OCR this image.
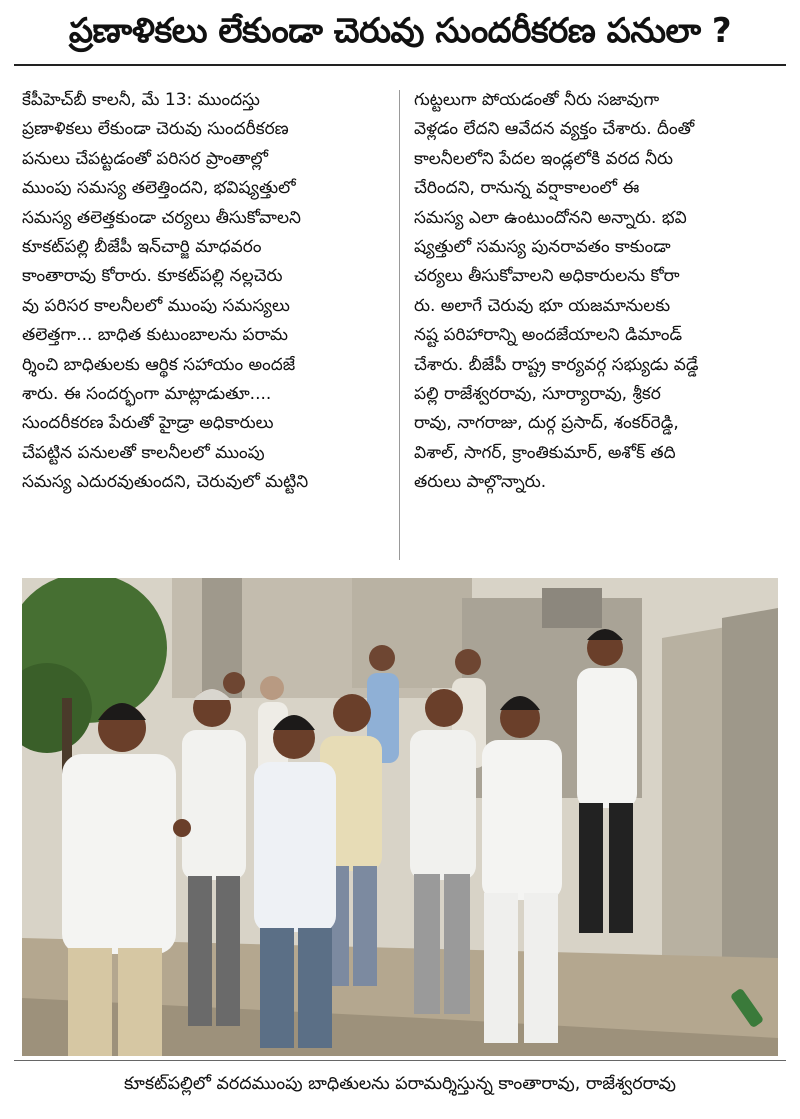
ప్రణాళికలు లేకుండా చెరువు సుందరీకరణ పనులా ?
కేపీహెచ్‌బీ కాలనీ, మే 13: ముందస్తు
ప్రణాళికలు లేకుండా చెరువు సుందరీకరణ
పనులు చేపట్టడంతో పరిసర ప్రాంతాల్లో
ముంపు సమస్య తలెత్తిందని, భవిష్యత్తులో
సమస్య తలెత్తకుండా చర్యలు తీసుకోవాలని
కూకట్‌పల్లి బీజేపీ ఇన్‌చార్జి మాధవరం
కాంతారావు కోరారు. కూకట్‌పల్లి నల్లచెరు
వు పరిసర కాలనీలలో ముంపు సమస్యలు
తలెత్తగా... బాధిత కుటుంబాలను పరామ
ర్శించి బాధితులకు ఆర్థిక సహాయం అందజే
శారు. ఈ సందర్భంగా మాట్లాడుతూ....
సుందరీకరణ పేరుతో హైడ్రా అధికారులు
చేపట్టిన పనులతో కాలనీలలో ముంపు
సమస్య ఎదురవుతుందని, చెరువులో మట్టిని
గుట్టలుగా పోయడంతో నీరు సజావుగా
వెళ్లడం లేదని ఆవేదన వ్యక్తం చేశారు. దీంతో
కాలనీలలోని పేదల ఇండ్లలోకి వరద నీరు
చేరిందని, రానున్న వర్షాకాలంలో ఈ
సమస్య ఎలా ఉంటుందోనని అన్నారు. భవి
ష్యత్తులో సమస్య పునరావతం కాకుండా
చర్యలు తీసుకోవాలని అధికారులను కోరా
రు. అలాగే చెరువు భూ యజమానులకు
నష్ట పరిహారాన్ని అందజేయాలని డిమాండ్
చేశారు. బీజేపీ రాష్ట్ర కార్యవర్గ సభ్యుడు వడ్డే
పల్లి రాజేశ్వరరావు, సూర్యారావు, శ్రీకర
రావు, నాగరాజు, దుర్గ ప్రసాద్, శంకర్‌రెడ్డి,
విశాల్, సాగర్, క్రాంతికుమార్, అశోక్ తది
తరులు పాల్గొన్నారు.
కూకట్‌పల్లిలో వరదముంపు బాధితులను పరామర్శిస్తున్న కాంతారావు, రాజేశ్వరరావు
